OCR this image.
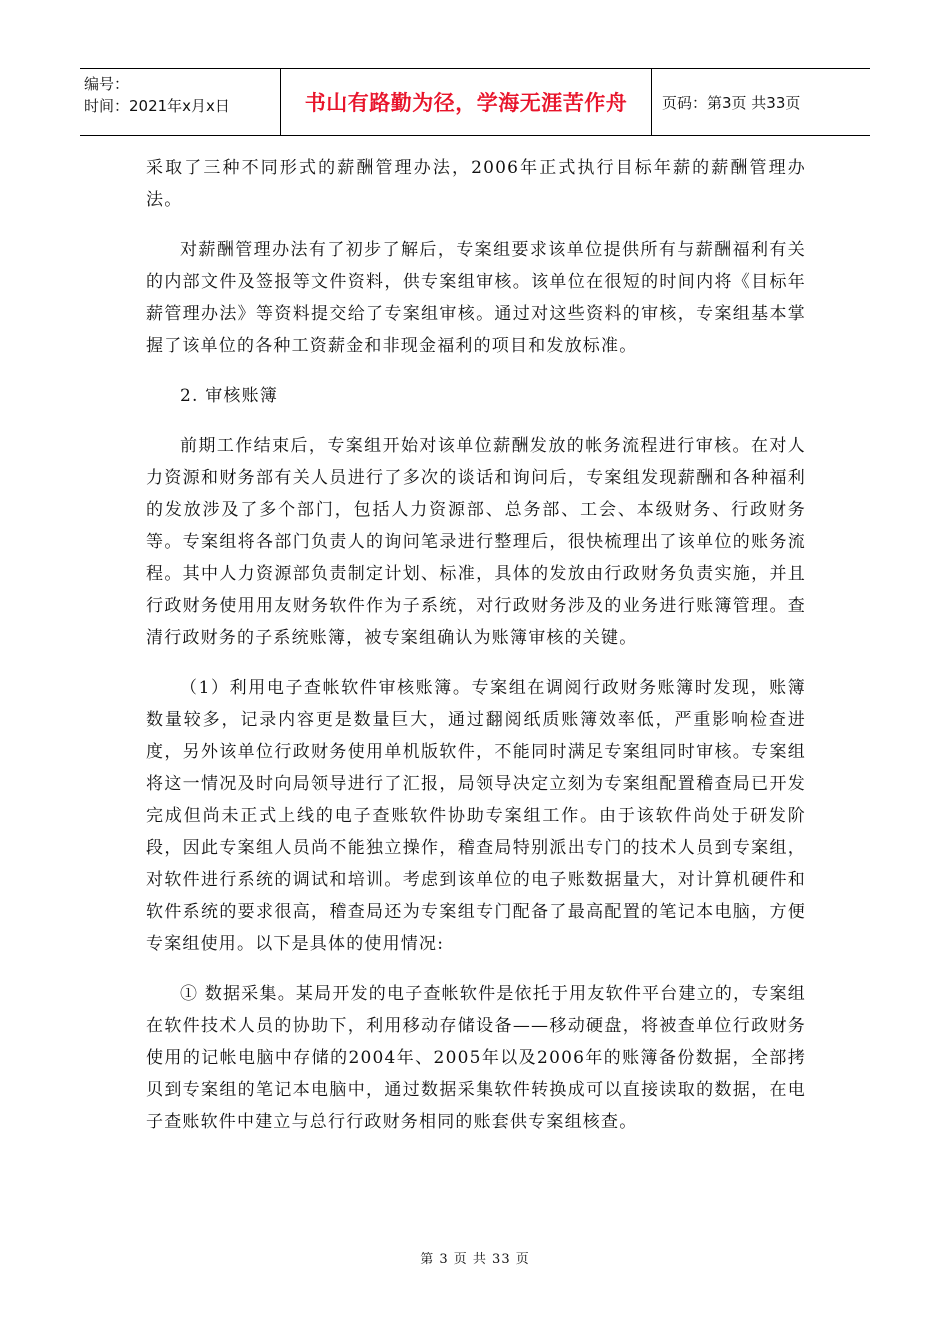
编号：
时间：2021年x月x日	书山有路勤为径，学海无涯苦作舟 页码：第3页 共33页

采取了三种不同形式的薪酬管理办法，2006年正式执行目标年薪的薪酬管理办法。

对薪酬管理办法有了初步了解后，专案组要求该单位提供所有与薪酬福利有关的内部文件及签报等文件资料，供专案组审核。该单位在很短的时间内将《目标年薪管理办法》等资料提交给了专案组审核。通过对这些资料的审核，专案组基本掌握了该单位的各种工资薪金和非现金福利的项目和发放标准。

2. 审核账簿

前期工作结束后，专案组开始对该单位薪酬发放的帐务流程进行审核。在对人力资源和财务部有关人员进行了多次的谈话和询问后，专案组发现薪酬和各种福利的发放涉及了多个部门，包括人力资源部、总务部、工会、本级财务、行政财务等。专案组将各部门负责人的询问笔录进行整理后，很快梳理出了该单位的账务流程。其中人力资源部负责制定计划、标准，具体的发放由行政财务负责实施，并且行政财务使用用友财务软件作为子系统，对行政财务涉及的业务进行账簿管理。查清行政财务的子系统账簿，被专案组确认为账簿审核的关键。

（1）利用电子查帐软件审核账簿。专案组在调阅行政财务账簿时发现，账簿数量较多，记录内容更是数量巨大，通过翻阅纸质账簿效率低，严重影响检查进度，另外该单位行政财务使用单机版软件，不能同时满足专案组同时审核。专案组将这一情况及时向局领导进行了汇报，局领导决定立刻为专案组配置稽查局已开发完成但尚未正式上线的电子查账软件协助专案组工作。由于该软件尚处于研发阶段，因此专案组人员尚不能独立操作，稽查局特别派出专门的技术人员到专案组，对软件进行系统的调试和培训。考虑到该单位的电子账数据量大，对计算机硬件和软件系统的要求很高，稽查局还为专案组专门配备了最高配置的笔记本电脑，方便专案组使用。以下是具体的使用情况:

① 数据采集。某局开发的电子查帐软件是依托于用友软件平台建立的，专案组在软件技术人员的协助下，利用移动存储设备——移动硬盘，将被查单位行政财务使用的记帐电脑中存储的2004年、2005年以及2006年的账簿备份数据，全部拷贝到专案组的笔记本电脑中，通过数据采集软件转换成可以直接读取的数据，在电子查账软件中建立与总行行政财务相同的账套供专案组核查。

第 3 页 共 33 页
